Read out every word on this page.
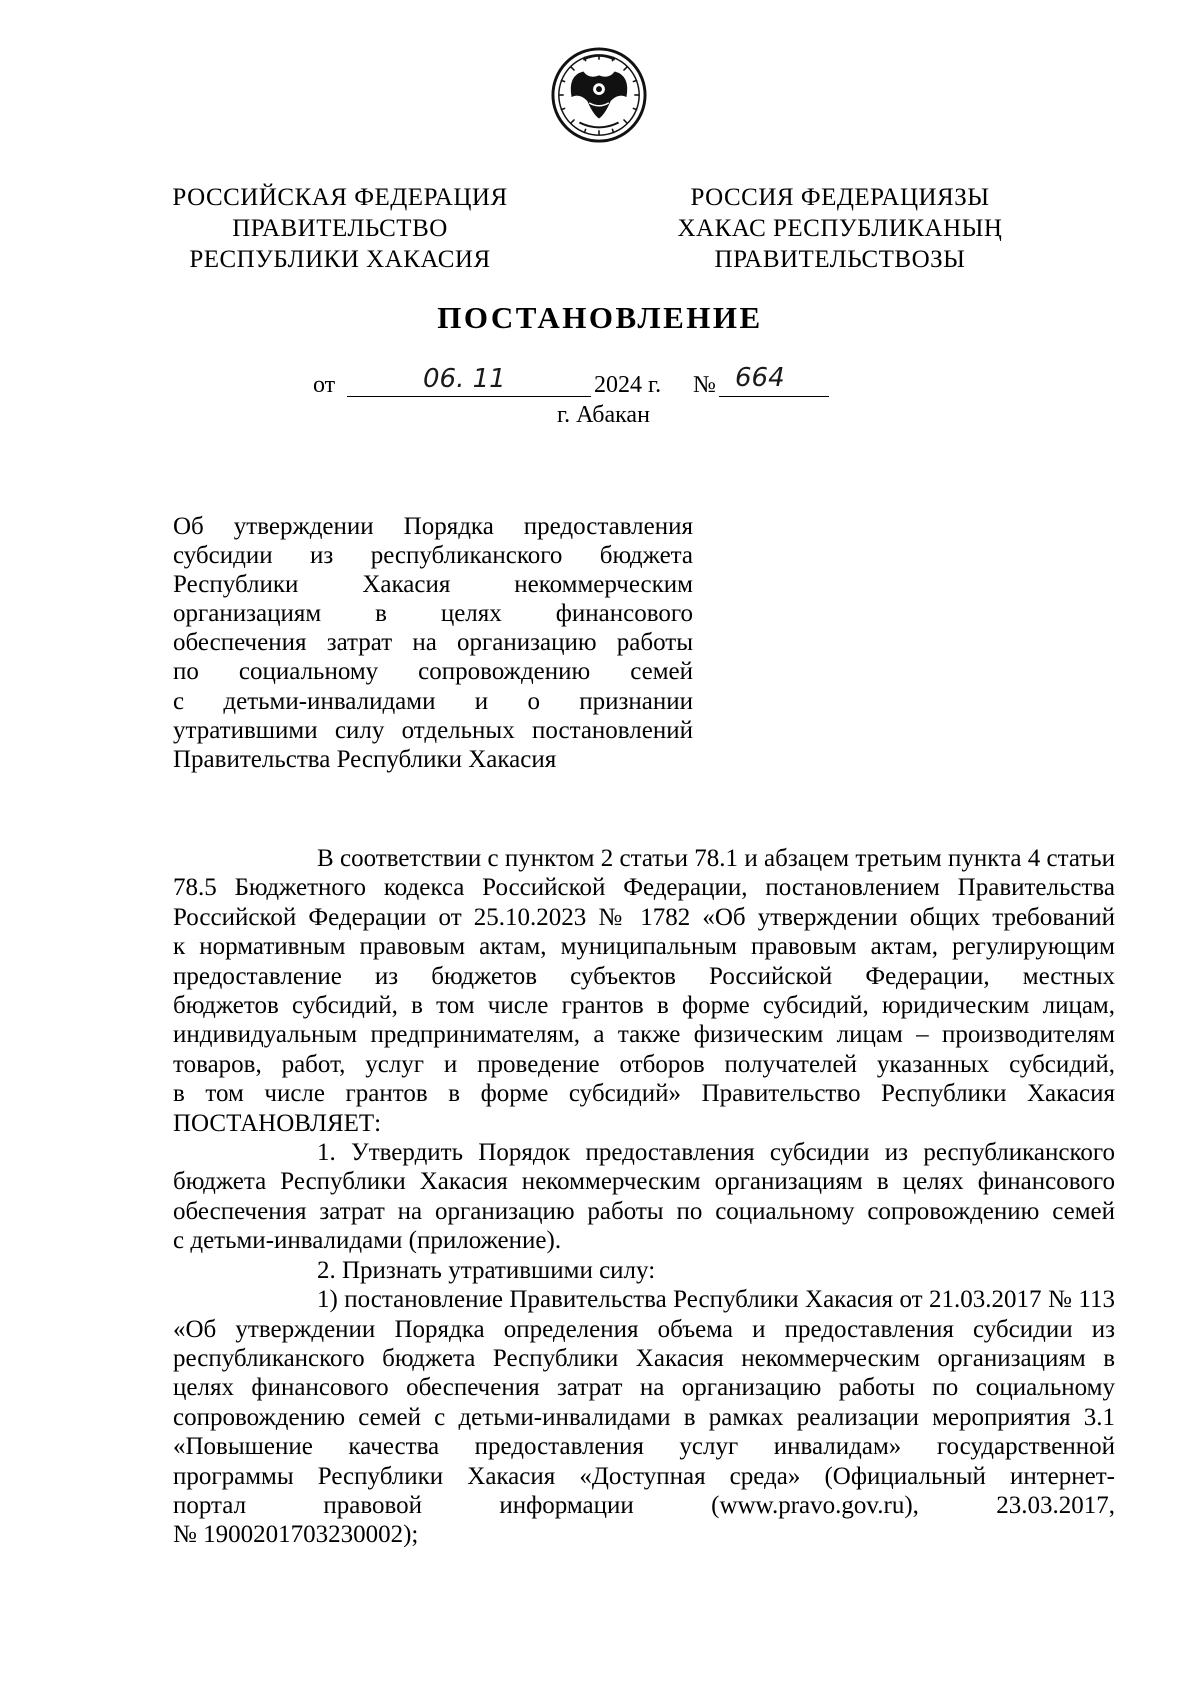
РОССИЙСКАЯ ФЕДЕРАЦИЯ
ПРАВИТЕЛЬСТВО
РЕСПУБЛИКИ ХАКАСИЯ
РОССИЯ ФЕДЕРАЦИЯЗЫ
ХАКАС РЕСПУБЛИКАНЫҢ
ПРАВИТЕЛЬСТВОЗЫ
ПОСТАНОВЛЕНИЕ
от	06. 11	2024 г. № 664
г. Абакан
Об утверждении Порядка предоставления
субсидии из республиканского бюджета
Республики Хакасия некоммерческим
организациям в целях финансового
обеспечения затрат на организацию работы
по социальному сопровождению семей
с детьми-инвалидами и о признании
утратившими силу отдельных постановлений
Правительства Республики Хакасия
В соответствии с пунктом 2 статьи 78.1 и абзацем третьим пункта 4 статьи
78.5 Бюджетного кодекса Российской Федерации, постановлением Правительства
Российской Федерации от 25.10.2023 № 1782 «Об утверждении общих требований
к нормативным правовым актам, муниципальным правовым актам, регулирующим
предоставление из бюджетов субъектов Российской Федерации, местных
бюджетов субсидий, в том числе грантов в форме субсидий, юридическим лицам,
индивидуальным предпринимателям, а также физическим лицам – производителям
товаров, работ, услуг и проведение отборов получателей указанных субсидий,
в том числе грантов в форме субсидий» Правительство Республики Хакасия
ПОСТАНОВЛЯЕТ:
1. Утвердить Порядок предоставления субсидии из республиканского
бюджета Республики Хакасия некоммерческим организациям в целях финансового
обеспечения затрат на организацию работы по социальному сопровождению семей
с детьми-инвалидами (приложение).
2. Признать утратившими силу:
1) постановление Правительства Республики Хакасия от 21.03.2017 № 113
«Об утверждении Порядка определения объема и предоставления субсидии из
республиканского бюджета Республики Хакасия некоммерческим организациям в
целях финансового обеспечения затрат на организацию работы по социальному
сопровождению семей с детьми-инвалидами в рамках реализации мероприятия 3.1
«Повышение качества предоставления услуг инвалидам» государственной
программы Республики Хакасия «Доступная среда» (Официальный интернет-
портал правовой информации (www.pravo.gov.ru), 23.03.2017,
№ 1900201703230002);
